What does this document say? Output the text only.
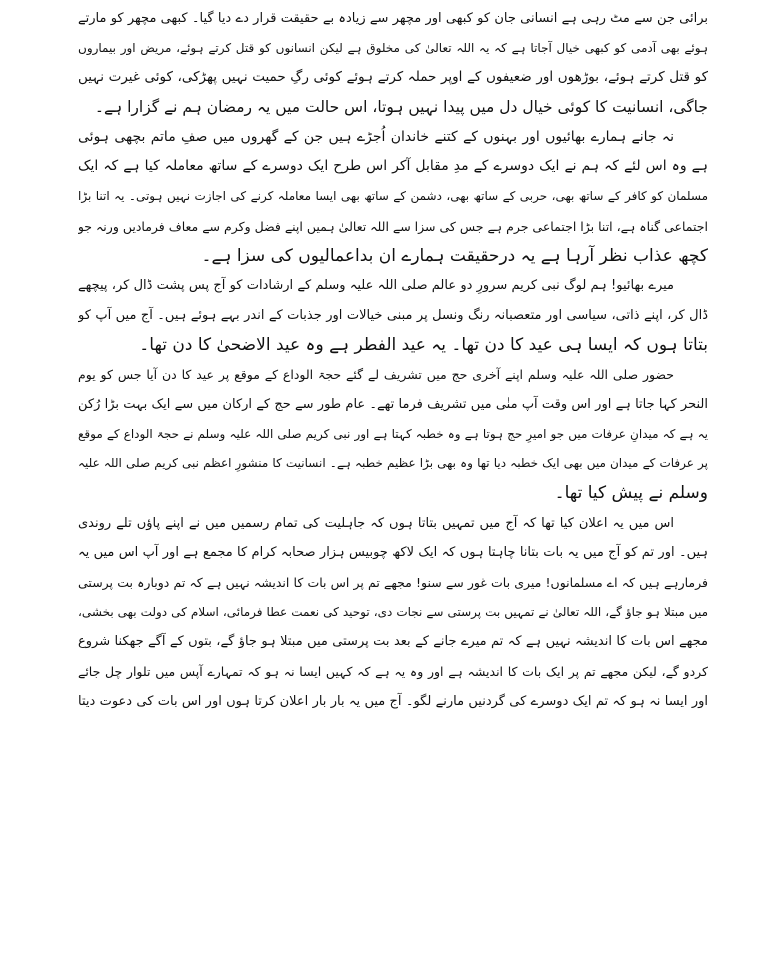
برائی جن سے مٹ رہی ہے انسانی جان کو کبھی اور مچھر سے زیادہ بے حقیقت قرار دے دیا گیا۔ کبھی مچھر کو مارتے
ہوئے بھی آدمی کو کبھی خیال آجاتا ہے کہ یہ اللہ تعالیٰ کی مخلوق ہے لیکن انسانوں کو قتل کرتے ہوئے، مریض اور بیماروں
کو قتل کرتے ہوئے، بوڑھوں اور ضعیفوں کے اوپر حملہ کرتے ہوئے کوئی رگِ حمیت نہیں پھڑکی، کوئی غیرت نہیں
جاگی، انسانیت کا کوئی خیال دل میں پیدا نہیں ہوتا، اس حالت میں یہ رمضان ہم نے گزارا ہے۔
نہ جانے ہمارے بھائیوں اور بہنوں کے کتنے خاندان اُجڑے ہیں جن کے گھروں میں صفِ ماتم بچھی ہوئی
ہے وہ اس لئے کہ ہم نے ایک دوسرے کے مدِ مقابل آکر اس طرح ایک دوسرے کے ساتھ معاملہ کیا ہے کہ ایک
مسلمان کو کافر کے ساتھ بھی، حربی کے ساتھ بھی، دشمن کے ساتھ بھی ایسا معاملہ کرنے کی اجازت نہیں ہوتی۔ یہ اتنا بڑا
اجتماعی گناہ ہے، اتنا بڑا اجتماعی جرم ہے جس کی سزا سے اللہ تعالیٰ ہمیں اپنے فضل وکرم سے معاف فرمادیں ورنہ جو
کچھ عذاب نظر آرہا ہے یہ درحقیقت ہمارے ان بداعمالیوں کی سزا ہے۔
میرے بھائیو! ہم لوگ نبی کریم سرورِ دو عالم صلی اللہ علیہ وسلم کے ارشادات کو آج پس پشت ڈال کر، پیچھے
ڈال کر، اپنے ذاتی، سیاسی اور متعصبانہ رنگ ونسل پر مبنی خیالات اور جذبات کے اندر بہے ہوئے ہیں۔ آج میں آپ کو
بتاتا ہوں کہ ایسا ہی عید کا دن تھا۔ یہ عید الفطر ہے وہ عید الاضحیٰ کا دن تھا۔
حضور صلی اللہ علیہ وسلم اپنے آخری حج میں تشریف لے گئے حجۃ الوداع کے موقع پر عید کا دن آیا جس کو یوم
النحر کہا جاتا ہے اور اس وقت آپ منٰی میں تشریف فرما تھے۔ عام طور سے حج کے ارکان میں سے ایک بہت بڑا رُکن
یہ ہے کہ میدانِ عرفات میں جو امیرِ حج ہوتا ہے وہ خطبہ کہتا ہے اور نبی کریم صلی اللہ علیہ وسلم نے حجۃ الوداع کے موقع
پر عرفات کے میدان میں بھی ایک خطبہ دیا تھا وہ بھی بڑا عظیم خطبہ ہے۔ انسانیت کا منشورِ اعظم نبی کریم صلی اللہ علیہ
وسلم نے پیش کیا تھا۔
اس میں یہ اعلان کیا تھا کہ آج میں تمہیں بتاتا ہوں کہ جاہلیت کی تمام رسمیں میں نے اپنے پاؤں تلے روندی
ہیں۔ اور تم کو آج میں یہ بات بتانا چاہتا ہوں کہ ایک لاکھ چوبیس ہزار صحابہ کرام کا مجمع ہے اور آپ اس میں یہ
فرمارہے ہیں کہ اے مسلمانوں! میری بات غور سے سنو! مجھے تم پر اس بات کا اندیشہ نہیں ہے کہ تم دوبارہ بت پرستی
میں مبتلا ہو جاؤ گے، اللہ تعالیٰ نے تمہیں بت پرستی سے نجات دی، توحید کی نعمت عطا فرمائی، اسلام کی دولت بھی بخشی،
مجھے اس بات کا اندیشہ نہیں ہے کہ تم میرے جانے کے بعد بت پرستی میں مبتلا ہو جاؤ گے، بتوں کے آگے جھکنا شروع
کردو گے، لیکن مجھے تم پر ایک بات کا اندیشہ ہے اور وہ یہ ہے کہ کہیں ایسا نہ ہو کہ تمہارے آپس میں تلوار چل جائے
اور ایسا نہ ہو کہ تم ایک دوسرے کی گردنیں مارنے لگو۔ آج میں یہ بار بار اعلان کرتا ہوں اور اس بات کی دعوت دیتا
